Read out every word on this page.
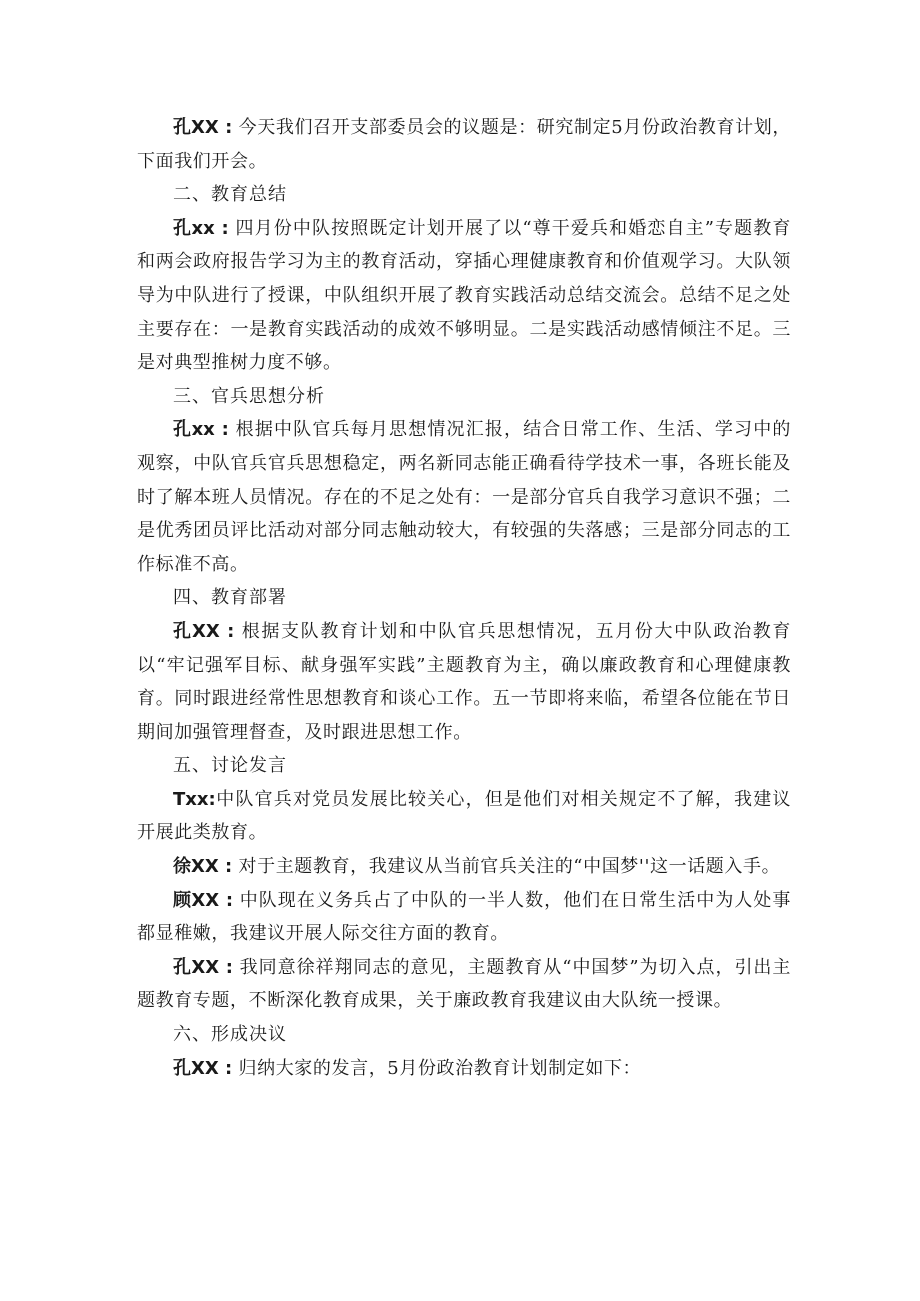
孔XX : 今天我们召开支部委员会的议题是：研究制定5月份政治教育计划，下面我们开会。

二、教育总结

孔xx : 四月份中队按照既定计划开展了以“尊干爱兵和婚恋自主”专题教育和两会政府报告学习为主的教育活动，穿插心理健康教育和价值观学习。大队领导为中队进行了授课，中队组织开展了教育实践活动总结交流会。总结不足之处主要存在：一是教育实践活动的成效不够明显。二是实践活动感情倾注不足。三是对典型推树力度不够。

三、官兵思想分析

孔xx : 根据中队官兵每月思想情况汇报，结合日常工作、生活、学习中的观察，中队官兵官兵思想稳定，两名新同志能正确看待学技术一事，各班长能及时了解本班人员情况。存在的不足之处有：一是部分官兵自我学习意识不强；二是优秀团员评比活动对部分同志触动较大，有较强的失落感；三是部分同志的工作标准不高。

四、教育部署

孔XX : 根据支队教育计划和中队官兵思想情况，五月份大中队政治教育以“牢记强军目标、献身强军实践”主题教育为主，确以廉政教育和心理健康教育。同时跟进经常性思想教育和谈心工作。五一节即将来临，希望各位能在节日期间加强管理督查，及时跟进思想工作。

五、讨论发言

Txx:中队官兵对党员发展比较关心，但是他们对相关规定不了解，我建议开展此类敖育。

徐XX : 对于主题教育，我建议从当前官兵关注的“中国梦''这一话题入手。

顾XX : 中队现在义务兵占了中队的一半人数，他们在日常生活中为人处事都显稚嫩，我建议开展人际交往方面的教育。

孔XX : 我同意徐祥翔同志的意见，主题教育从“中国梦”为切入点，引出主题教育专题，不断深化教育成果，关于廉政教育我建议由大队统一授课。

六、形成决议

孔XX : 归纳大家的发言，5月份政治教育计划制定如下：
